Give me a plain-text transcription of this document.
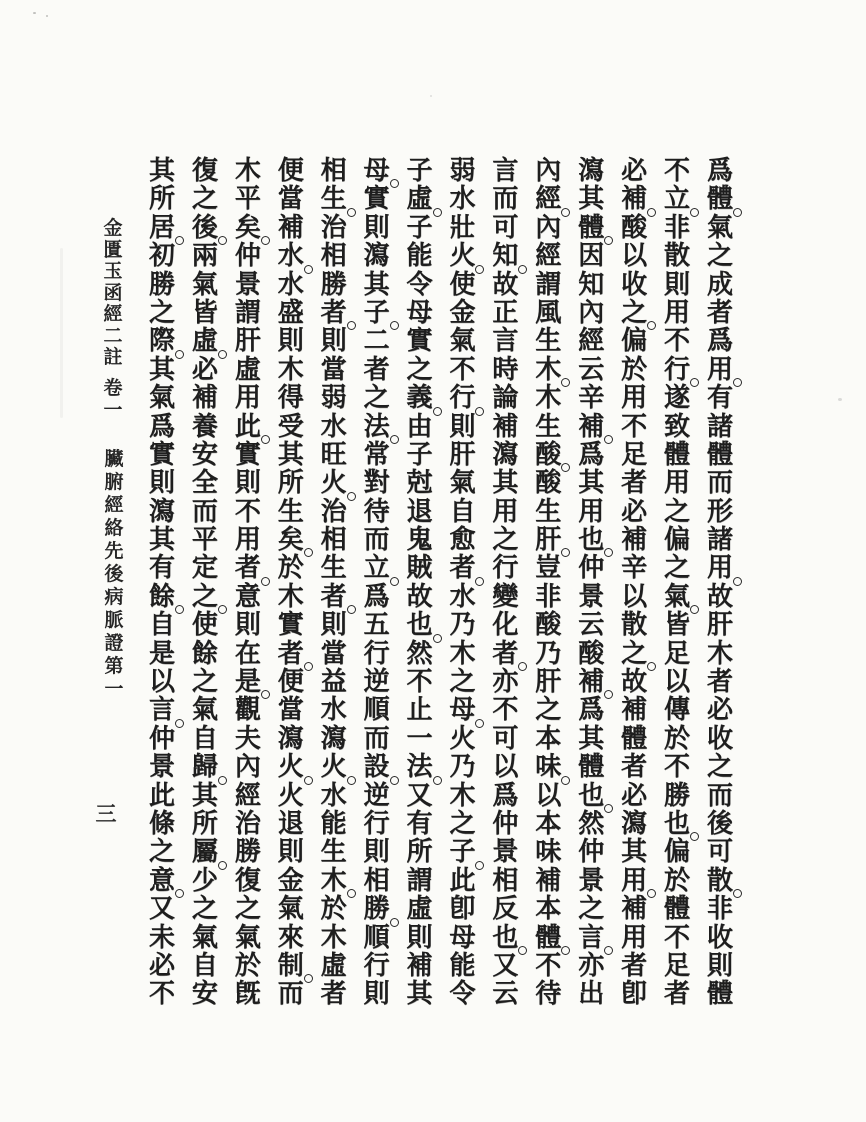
爲
體
氣
之
成
者
爲
用
有
諸
體
而
形
諸
用
故
肝
木
者
必
收
之
而
後
可
散
非
收
則
體
不
立
非
散
則
用
不
行
遂
致
體
用
之
偏
之
氣
皆
足
以
傳
於
不
勝
也
偏
於
體
不
足
者
必
補
酸
以
收
之
偏
於
用
不
足
者
必
補
辛
以
散
之
故
補
體
者
必
瀉
其
用
補
用
者
卽
瀉
其
體
因
知
內
經
云
辛
補
爲
其
用
也
仲
景
云
酸
補
爲
其
體
也
然
仲
景
之
言
亦
出
內
經
內
經
謂
風
生
木
木
生
酸
酸
生
肝
豈
非
酸
乃
肝
之
本
味
以
本
味
補
本
體
不
待
言
而
可
知
故
正
言
時
論
補
瀉
其
用
之
行
變
化
者
亦
不
可
以
爲
仲
景
相
反
也
又
云
弱
水
壯
火
使
金
氣
不
行
則
肝
氣
自
愈
者
水
乃
木
之
母
火
乃
木
之
子
此
卽
母
能
令
子
虛
子
能
令
母
實
之
義
由
子
尅
退
鬼
賊
故
也
然
不
止
一
法
又
有
所
謂
虛
則
補
其
母
實
則
瀉
其
子
二
者
之
法
常
對
待
而
立
爲
五
行
逆
順
而
設
逆
行
則
相
勝
順
行
則
相
生
治
相
勝
者
則
當
弱
水
旺
火
治
相
生
者
則
當
益
水
瀉
火
水
能
生
木
於
木
虛
者
便
當
補
水
水
盛
則
木
得
受
其
所
生
矣
於
木
實
者
便
當
瀉
火
火
退
則
金
氣
來
制
而
木
平
矣
仲
景
謂
肝
虛
用
此
實
則
不
用
者
意
則
在
是
觀
夫
內
經
治
勝
復
之
氣
於
旣
復
之
後
兩
氣
皆
虛
必
補
養
安
全
而
平
定
之
使
餘
之
氣
自
歸
其
所
屬
少
之
氣
自
安
其
所
居
初
勝
之
際
其
氣
爲
實
則
瀉
其
有
餘
自
是
以
言
仲
景
此
條
之
意
又
未
必
不
金
匱
玉
函
經
二
註
卷
一
臟
腑
經
絡
先
後
病
脈
證
第
一
三
